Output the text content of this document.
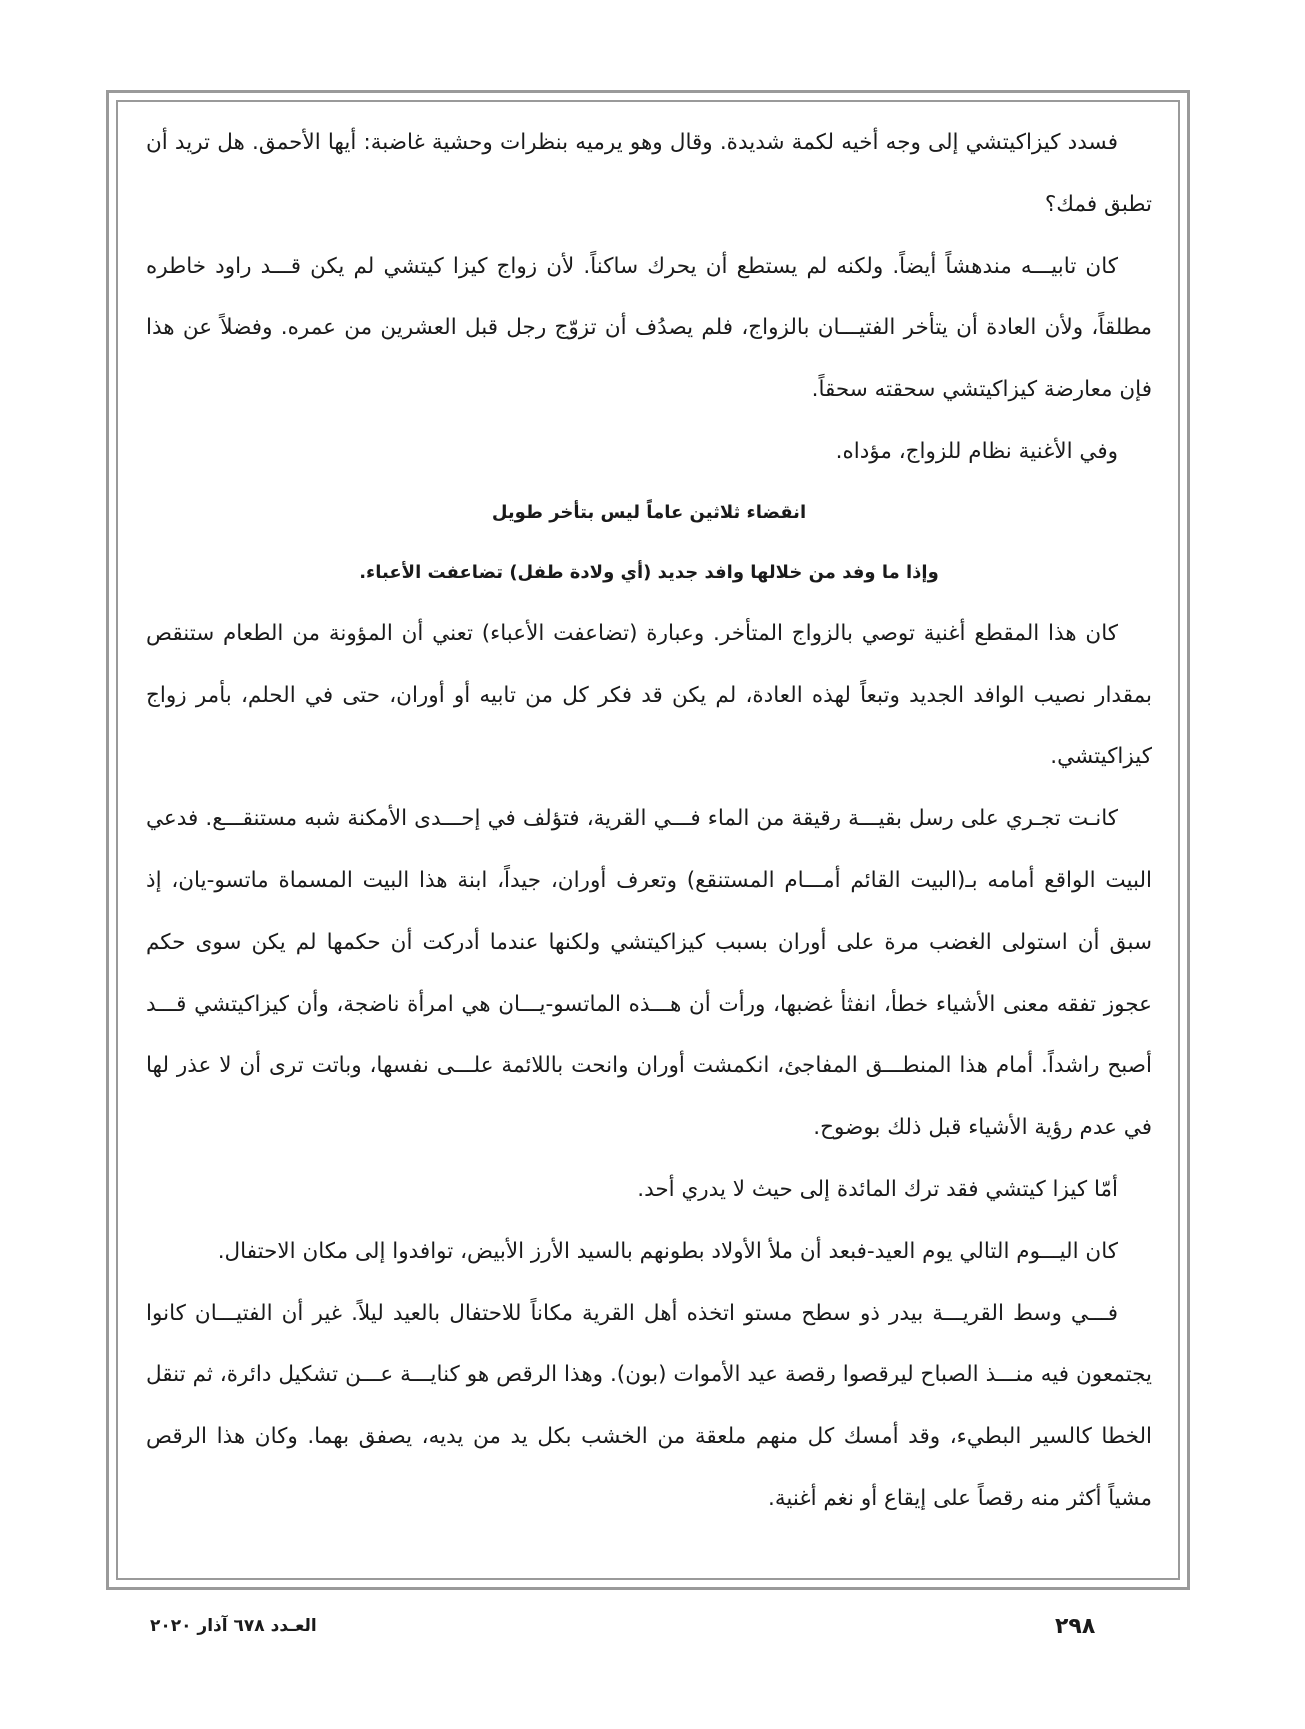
فسدد كيزاكيتشي إلى وجه أخيه لكمة شديدة. وقال وهو يرميه بنظرات وحشية غاضبة: أيها الأحمق. هل تريد أن تطبق فمك؟

كان تابيـــه مندهشاً أيضاً. ولكنه لم يستطع أن يحرك ساكناً. لأن زواج كيزا كيتشي لم يكن قـــد راود خاطره مطلقاً، ولأن العادة أن يتأخر الفتيـــان بالزواج، فلم يصدُف أن تزوّج رجل قبل العشرين من عمره. وفضلاً عن هذا فإن معارضة كيزاكيتشي سحقته سحقاً.

وفي الأغنية نظام للزواج، مؤداه.

انقضاء ثلاثين عاماً ليس بتأخر طويل

وإذا ما وفد من خلالها وافد جديد (أي ولادة طفل) تضاعفت الأعباء.

كان هذا المقطع أغنية توصي بالزواج المتأخر. وعبارة (تضاعفت الأعباء) تعني أن المؤونة من الطعام ستنقص بمقدار نصيب الوافد الجديد وتبعاً لهذه العادة، لم يكن قد فكر كل من تابيه أو أوران، حتى في الحلم، بأمر زواج كيزاكيتشي.

كانـت تجـري على رسل بقيـــة رقيقة من الماء فـــي القرية، فتؤلف في إحـــدى الأمكنة شبه مستنقـــع. فدعي البيت الواقع أمامه بـ(البيت القائم أمـــام المستنقع) وتعرف أوران، جيداً، ابنة هذا البيت المسماة ماتسو-يان، إذ سبق أن استولى الغضب مرة على أوران بسبب كيزاكيتشي ولكنها عندما أدركت أن حكمها لم يكن سوى حكم عجوز تفقه معنى الأشياء خطأ، انفثأ غضبها، ورأت أن هـــذه الماتسو-يـــان هي امرأة ناضجة، وأن كيزاكيتشي قـــد أصبح راشداً. أمام هذا المنطـــق المفاجئ، انكمشت أوران وانحت باللائمة علـــى نفسها، وباتت ترى أن لا عذر لها في عدم رؤية الأشياء قبل ذلك بوضوح.

أمّا كيزا كيتشي فقد ترك المائدة إلى حيث لا يدري أحد.

كان اليـــوم التالي يوم العيد-فبعد أن ملأ الأولاد بطونهم بالسيد الأرز الأبيض، توافدوا إلى مكان الاحتفال.

فـــي وسط القريـــة بيدر ذو سطح مستو اتخذه أهل القرية مكاناً للاحتفال بالعيد ليلاً. غير أن الفتيـــان كانوا يجتمعون فيه منـــذ الصباح ليرقصوا رقصة عيد الأموات (بون). وهذا الرقص هو كنايـــة عـــن تشكيل دائرة، ثم تنقل الخطا كالسير البطيء، وقد أمسك كل منهم ملعقة من الخشب بكل يد من يديه، يصفق بهما. وكان هذا الرقص مشياً أكثر منه رقصاً على إيقاع أو نغم أغنية.

٢٩٨
العـدد ٦٧٨ آذار ٢٠٢٠
